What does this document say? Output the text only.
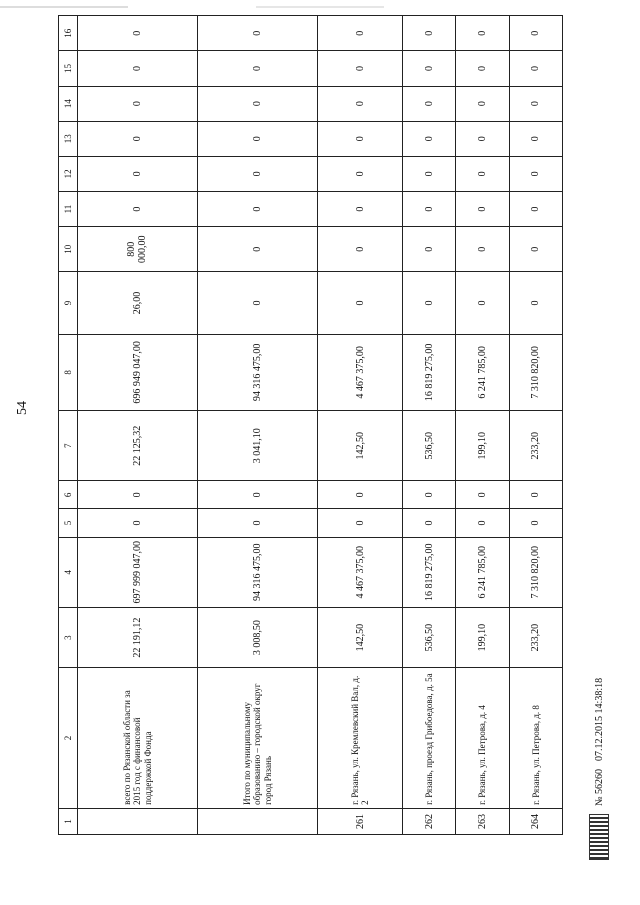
54
1	2	3	4	5	6	7	8	9	10	11	12	13	14	15	16
	всего по Рязанской области за 2015 год с финансовой поддержкой Фонда	22 191,12	697 999 047,00	0	0	22 125,32	696 949 047,00	26,00	800 000,00	0	0	0	0	0	0
	Итого по муниципальному образованию – городской округ город Рязань	3 008,50	94 316 475,00	0	0	3 041,10	94 316 475,00	0	0	0	0	0	0	0	0
261	г. Рязань, ул. Кремлевский Вал, д. 2	142,50	4 467 375,00	0	0	142,50	4 467 375,00	0	0	0	0	0	0	0	0
262	г. Рязань, проезд Грибоедова, д. 5а	536,50	16 819 275,00	0	0	536,50	16 819 275,00	0	0	0	0	0	0	0	0
263	г. Рязань, ул. Петрова, д. 4	199,10	6 241 785,00	0	0	199,10	6 241 785,00	0	0	0	0	0	0	0	0
264	г. Рязань, ул. Петрова, д. 8	233,20	7 310 820,00	0	0	233,20	7 310 820,00	0	0	0	0	0	0	0	0
№ 56260
07.12.2015 14:38:18
